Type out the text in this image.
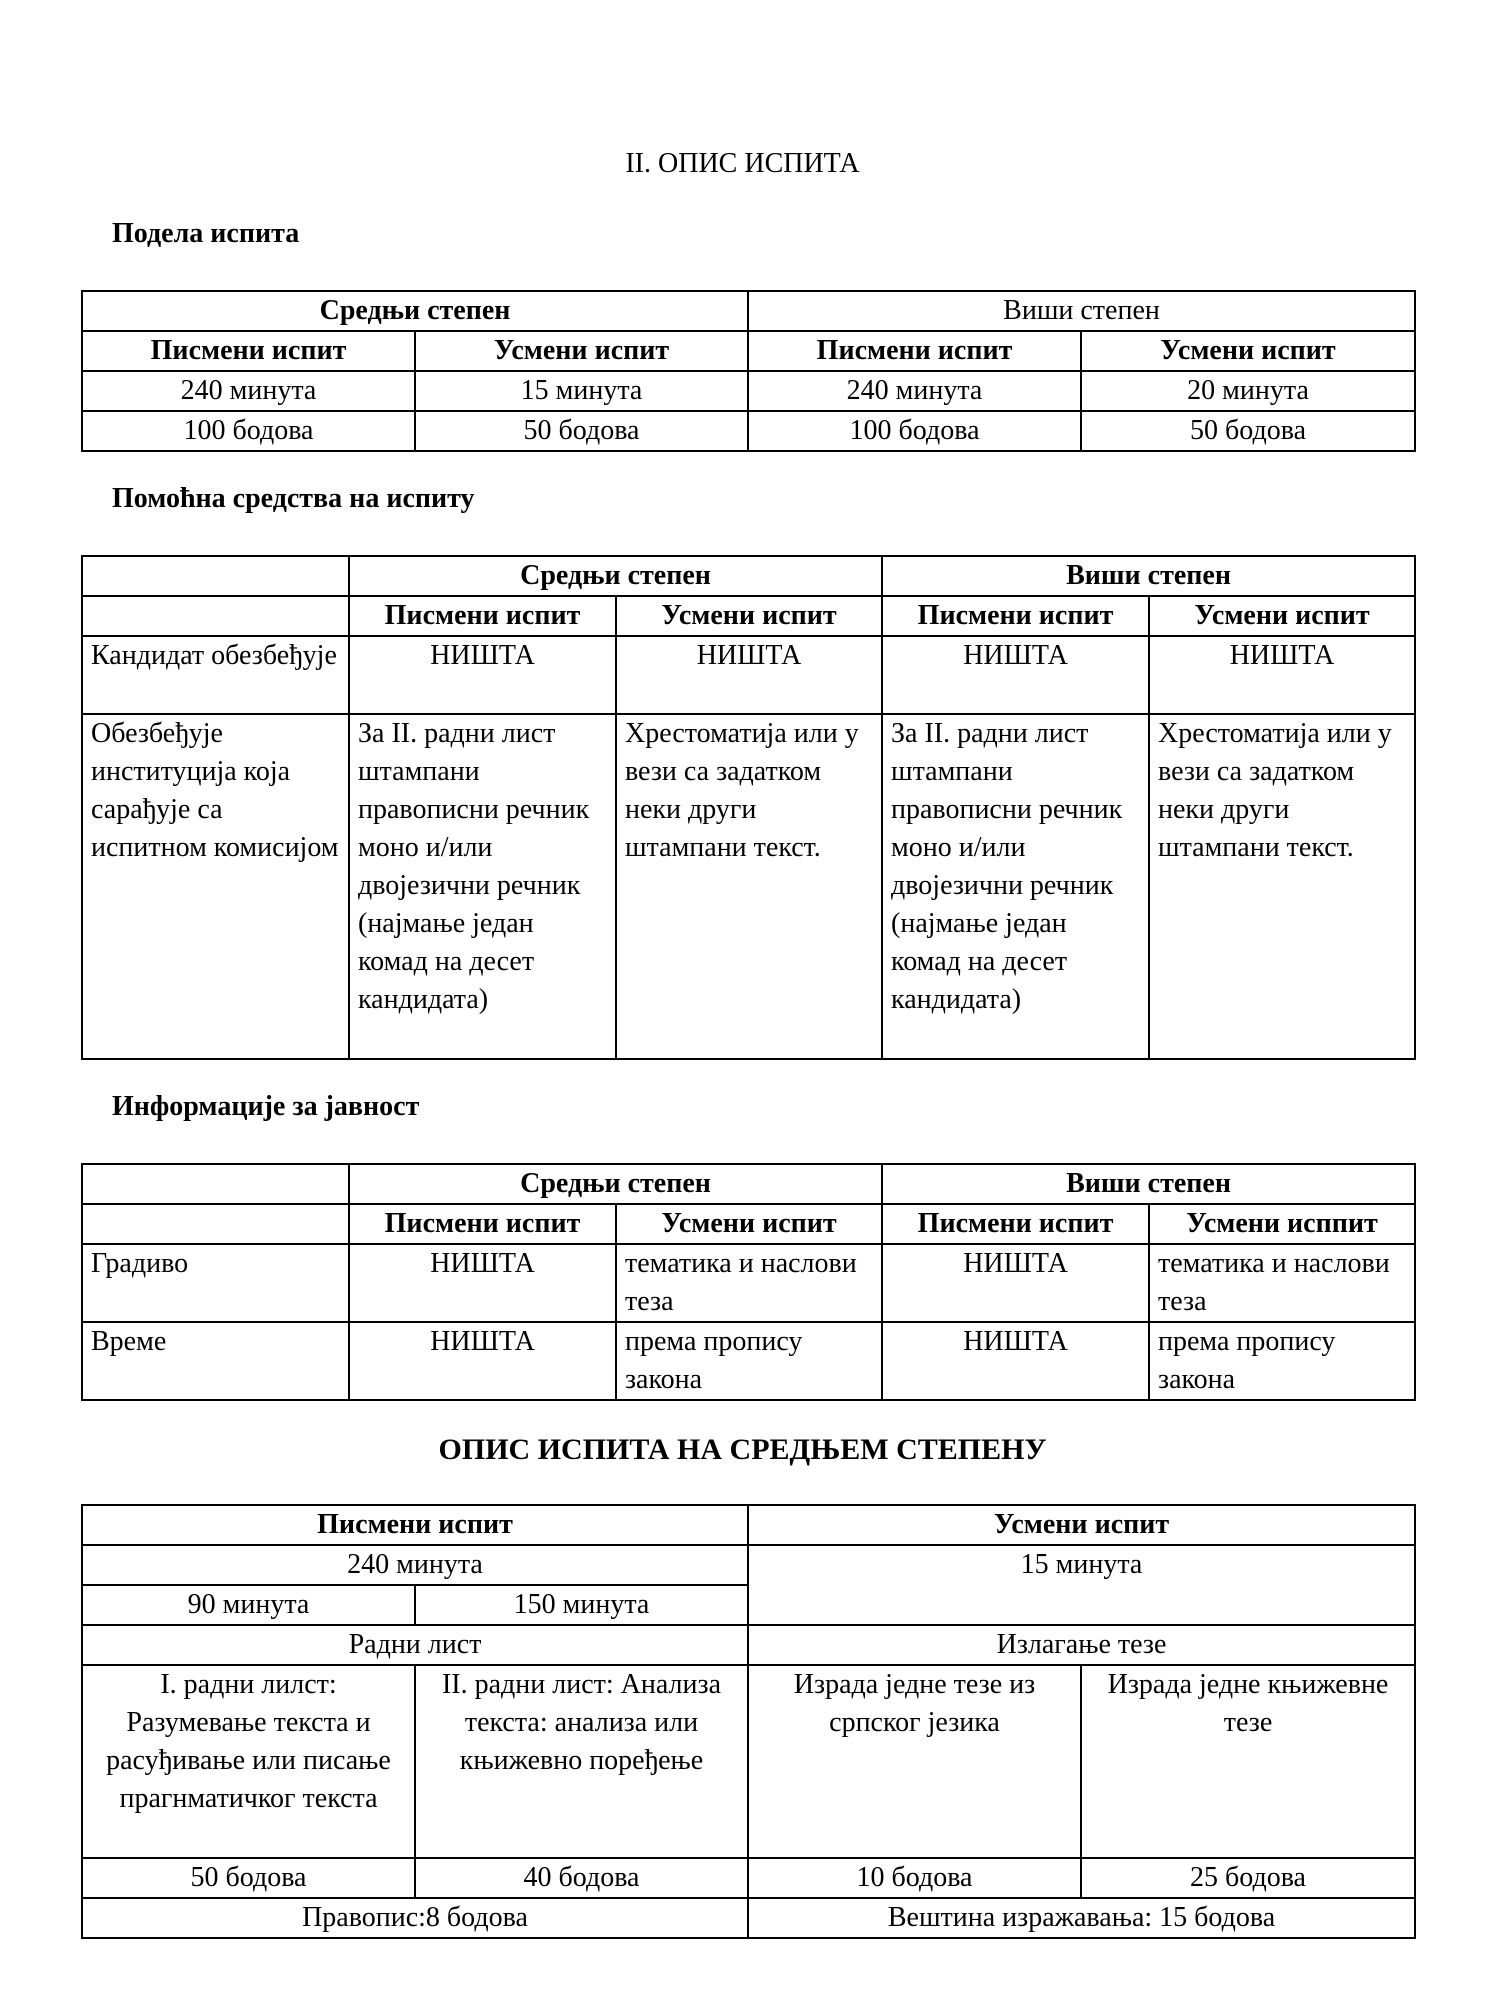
II. ОПИС ИСПИТА
Подела испита
Средњи степен		Виши степен	
Писмени испит	Усмени испит	Писмени испит	Усмени испит
240 минута	15 минута	240 минута	20 минута
100 бодова	50 бодова	100 бодова	50 бодова
Помоћна средства на испиту
	Средњи степен		Виши степен	
	Писмени испит	Усмени испит	Писмени испит	Усмени испит
Кандидат обезбеђује	НИШТА	НИШТА	НИШТА	НИШТА
Обезбеђује институција која сарађује са испитном комисијом	За II. радни лист штампани правописни речник моно и/или двојезични речник (најмање један комад на десет кандидата)	Хрестоматија или у вези са задатком неки други штампани текст.	За II. радни лист штампани правописни речник моно и/или двојезични речник (најмање један комад на десет кандидата)	Хрестоматија или у вези са задатком неки други штампани текст.
Информације за јавност
	Средњи степен		Виши степен	
	Писмени испит	Усмени испит	Писмени испит	Усмени исппит
Градиво	НИШТА	тематика и наслови теза	НИШТА	тематика и наслови теза
Време	НИШТА	према пропису закона	НИШТА	према пропису закона
ОПИС ИСПИТА НА СРЕДЊЕМ СТЕПЕНУ
Писмени испит		Усмени испит	
240 минута		15 минута	
90 минута	150 минута		
Радни лист		Излагање тезе	
I. радни лилст: Разумевање текста и расуђивање или писање прагнматичког текста	II. радни лист: Анализа текста: анализа или књижевно поређење	Израда једне тезе из српског језика	Израда једне књижевне тезе
50 бодова	40 бодова	10 бодова	25 бодова
Правопис:8 бодова		Вештина изражавања: 15 бодова	
